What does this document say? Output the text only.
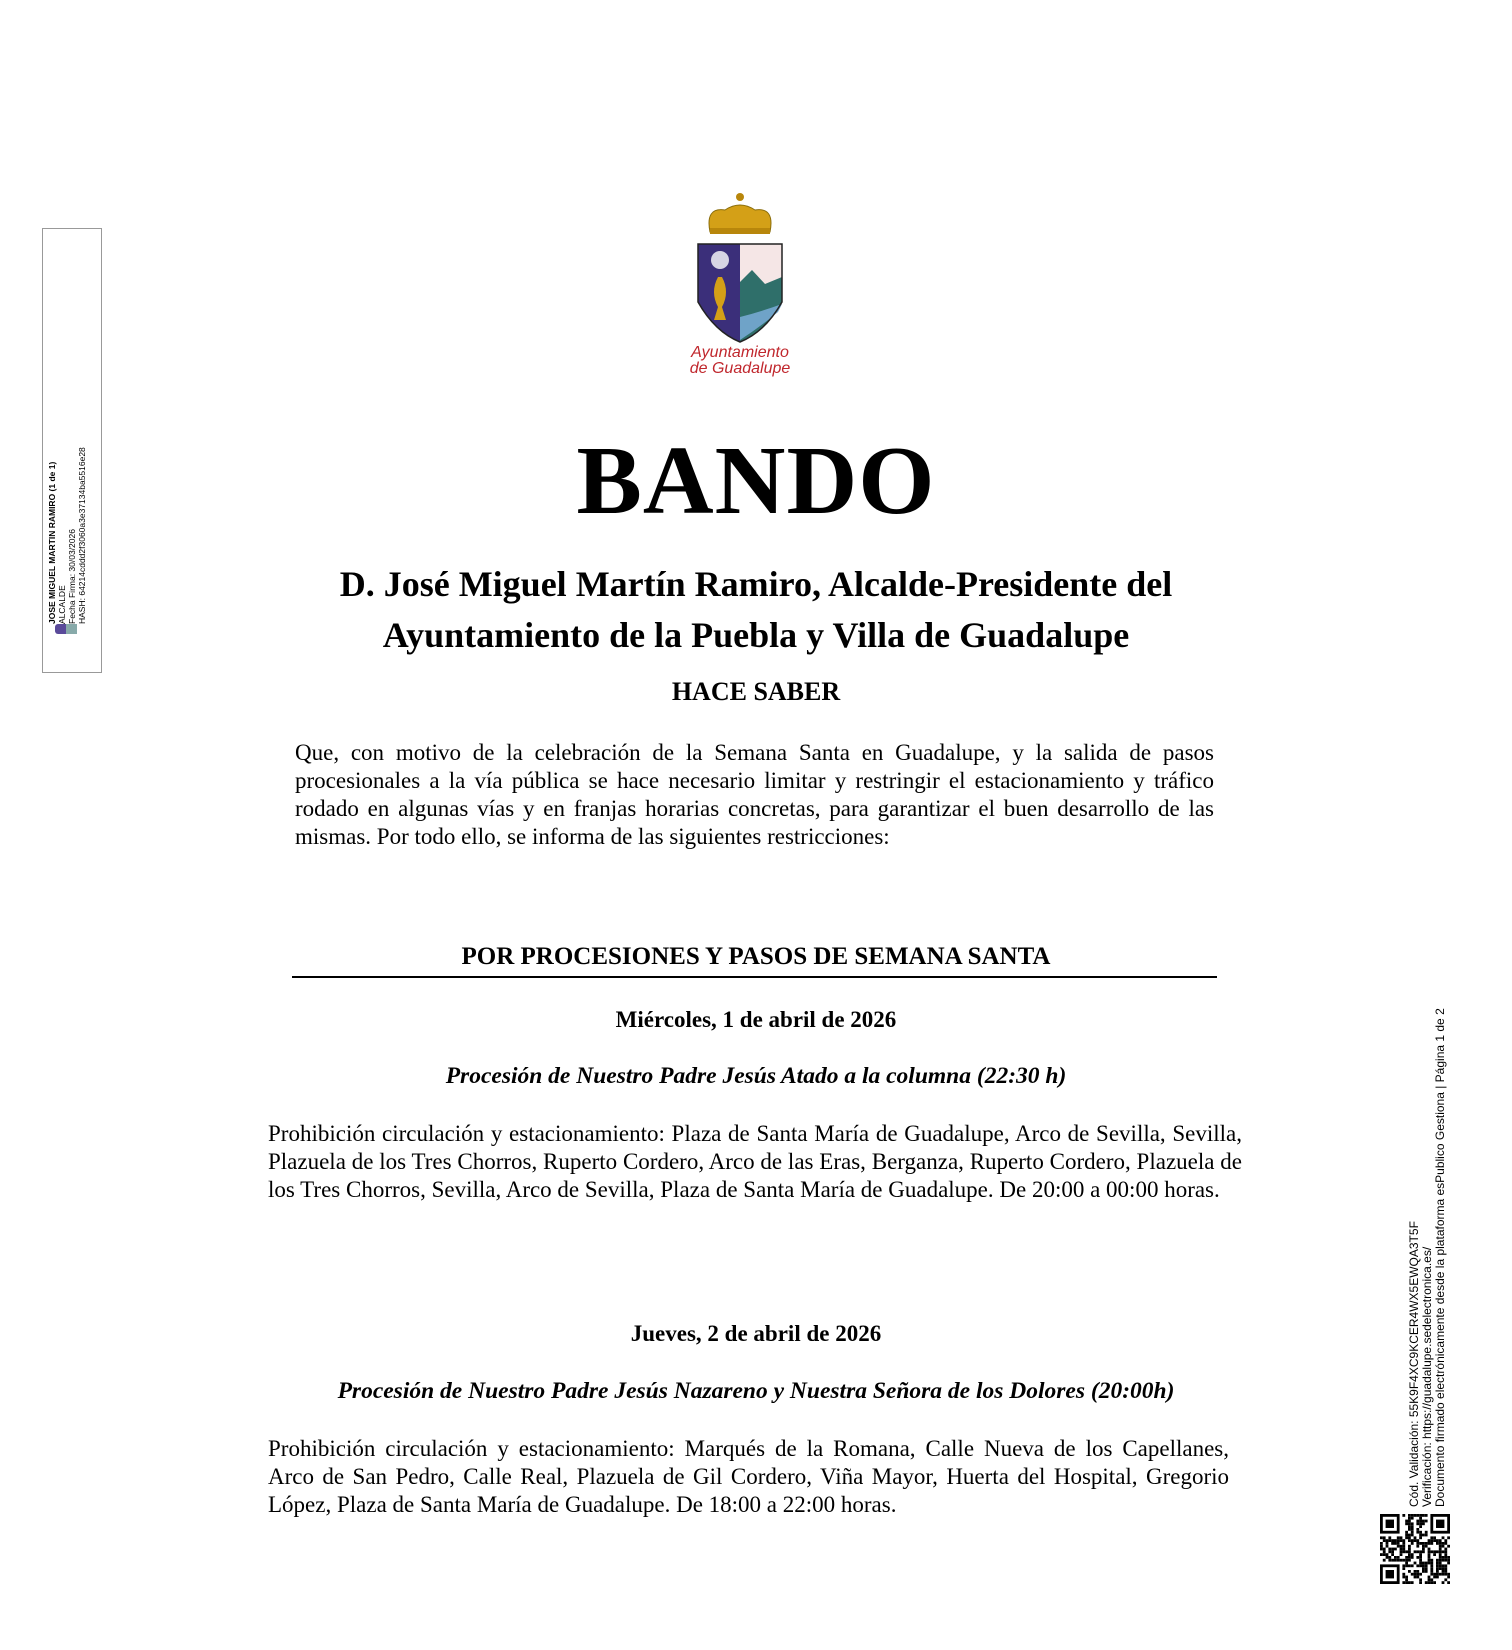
JOSE MIGUEL MARTIN RAMIRO (1 de 1) ALCALDE Fecha Firma: 30/03/2026 HASH: 64214cddd2f3060a3e37134ba5516e28
Ayuntamiento
de Guadalupe
BANDO
D. José Miguel Martín Ramiro, Alcalde-Presidente del
Ayuntamiento de la Puebla y Villa de Guadalupe
HACE SABER
Que, con motivo de la celebración de la Semana Santa en Guadalupe, y la salida de pasos procesionales a la vía pública se hace necesario limitar y restringir el estacionamiento y tráfico rodado en algunas vías y en franjas horarias concretas, para garantizar el buen desarrollo de las mismas. Por todo ello, se informa de las siguientes restricciones:
POR PROCESIONES Y PASOS DE SEMANA SANTA
Miércoles, 1 de abril de 2026
Procesión de Nuestro Padre Jesús Atado a la columna (22:30 h)
Prohibición circulación y estacionamiento: Plaza de Santa María de Guadalupe, Arco de Sevilla, Sevilla, Plazuela de los Tres Chorros, Ruperto Cordero, Arco de las Eras, Berganza, Ruperto Cordero, Plazuela de los Tres Chorros, Sevilla, Arco de Sevilla, Plaza de Santa María de Guadalupe. De 20:00 a 00:00 horas.
Jueves, 2 de abril de 2026
Procesión de Nuestro Padre Jesús Nazareno y Nuestra Señora de los Dolores (20:00h)
Prohibición circulación y estacionamiento: Marqués de la Romana, Calle Nueva de los Capellanes, Arco de San Pedro, Calle Real, Plazuela de Gil Cordero, Viña Mayor, Huerta del Hospital, Gregorio López, Plaza de Santa María de Guadalupe. De 18:00 a 22:00 horas.	Cód. Validación: 55K9F4XC9KCER4WX5EWQA3T5F Verificación: https://guadalupe.sedelectronica.es/ Documento firmado electrónicamente desde la plataforma esPublico Gestiona | Página 1 de 2
